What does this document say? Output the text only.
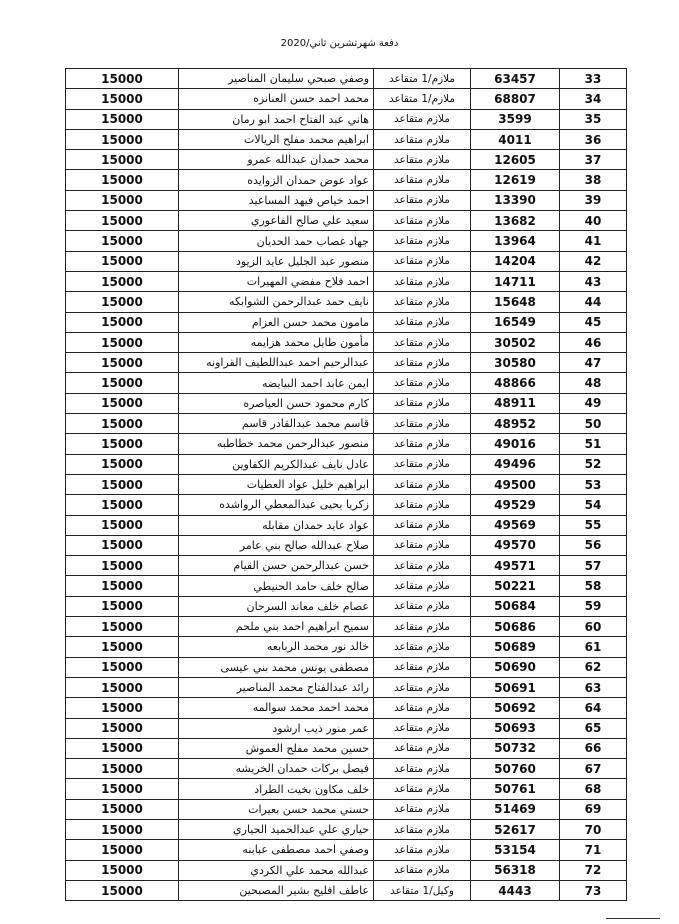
دفعة شهرتشرين ثاني/2020
33	63457	ملازم/1 متقاعد	وصفي صبحي سليمان المناصير	15000
34	68807	ملازم/1 متقاعد	محمد احمد حسن العنانزه	15000
35	3599	ملازم متقاعد	هاني عبد الفتاح احمد ابو رمان	15000
36	4011	ملازم متقاعد	ابراهيم محمد مفلح الريالات	15000
37	12605	ملازم متقاعد	محمد حمدان عبدالله عمرو	15000
38	12619	ملازم متقاعد	عواد عوض حمدان الزوايده	15000
39	13390	ملازم متقاعد	احمد خياص فيهد المساعيد	15000
40	13682	ملازم متقاعد	سعيد علي صالح الفاعوري	15000
41	13964	ملازم متقاعد	جهاد غصاب حمد الحديان	15000
42	14204	ملازم متقاعد	منصور عبد الجليل عايد الزيود	15000
43	14711	ملازم متقاعد	احمد فلاح مفضي المهيرات	15000
44	15648	ملازم متقاعد	نايف حمد عبدالرحمن الشوابكه	15000
45	16549	ملازم متقاعد	مامون محمد حسن العزام	15000
46	30502	ملازم متقاعد	مأمون طايل محمد هزايمه	15000
47	30580	ملازم متقاعد	عبدالرحيم احمد عبداللطيف القراونه	15000
48	48866	ملازم متقاعد	ايمن عابد احمد البيايضه	15000
49	48911	ملازم متقاعد	كارم محمود حسن العياصره	15000
50	48952	ملازم متقاعد	قاسم محمد عبدالقادر قاسم	15000
51	49016	ملازم متقاعد	منصور عبدالرحمن محمد خطاطبه	15000
52	49496	ملازم متقاعد	عادل نايف عبدالكريم الكفاوين	15000
53	49500	ملازم متقاعد	ابراهيم خليل عواد العطيات	15000
54	49529	ملازم متقاعد	زكريا يحيى عبدالمعطي الرواشده	15000
55	49569	ملازم متقاعد	عواد عايد حمدان مقابله	15000
56	49570	ملازم متقاعد	صلاح عبدالله صالح بني عامر	15000
57	49571	ملازم متقاعد	حسن عبدالرحمن حسن القيام	15000
58	50221	ملازم متقاعد	صالح خلف حامد الحنيطي	15000
59	50684	ملازم متقاعد	عصام خلف معاند السرحان	15000
60	50686	ملازم متقاعد	سميح ابراهيم احمد بني ملحم	15000
61	50689	ملازم متقاعد	خالد نور محمد الربابعه	15000
62	50690	ملازم متقاعد	مصطفى يونس محمد بني عيسى	15000
63	50691	ملازم متقاعد	رائد عبدالفتاح محمد المناصير	15000
64	50692	ملازم متقاعد	محمد احمد محمد سوالمه	15000
65	50693	ملازم متقاعد	عمر منور ذيب ارشود	15000
66	50732	ملازم متقاعد	حسين محمد مفلح العموش	15000
67	50760	ملازم متقاعد	فيصل بركات حمدان الخريشه	15000
68	50761	ملازم متقاعد	خلف مكاون بخيت الطراد	15000
69	51469	ملازم متقاعد	حسني محمد حسن بعيرات	15000
70	52617	ملازم متقاعد	حياري علي عبدالحميد الحياري	15000
71	53154	ملازم متقاعد	وصفي احمد مصطفى عبابنه	15000
72	56318	ملازم متقاعد	عبدالله محمد علي الكردي	15000
73	4443	وكيل/1 متقاعد	عاطف افليح بشير المصبحين	15000
